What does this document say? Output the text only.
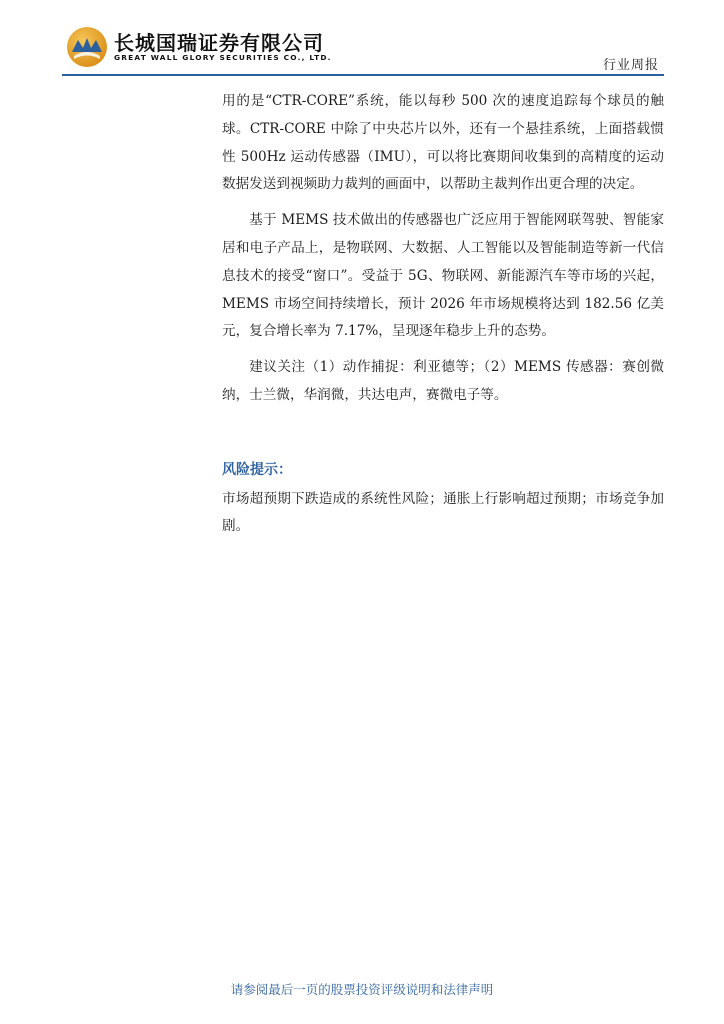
长城国瑞证券有限公司
GREAT WALL GLORY SECURITIES CO., LTD.
行业周报

用的是“CTR-CORE”系统，能以每秒 500 次的速度追踪每个球员的触球。CTR-CORE 中除了中央芯片以外，还有一个悬挂系统，上面搭载惯性 500Hz 运动传感器（IMU），可以将比赛期间收集到的高精度的运动数据发送到视频助力裁判的画面中，以帮助主裁判作出更合理的决定。

基于 MEMS 技术做出的传感器也广泛应用于智能网联驾驶、智能家居和电子产品上，是物联网、大数据、人工智能以及智能制造等新一代信息技术的接受“窗口”。受益于 5G、物联网、新能源汽车等市场的兴起，MEMS 市场空间持续增长，预计 2026 年市场规模将达到 182.56 亿美元，复合增长率为 7.17%，呈现逐年稳步上升的态势。

建议关注（1）动作捕捉：利亚德等；（2）MEMS 传感器：赛创微纳，士兰微，华润微，共达电声，赛微电子等。

风险提示：
市场超预期下跌造成的系统性风险；通胀上行影响超过预期；市场竞争加剧。
请参阅最后一页的股票投资评级说明和法律声明
